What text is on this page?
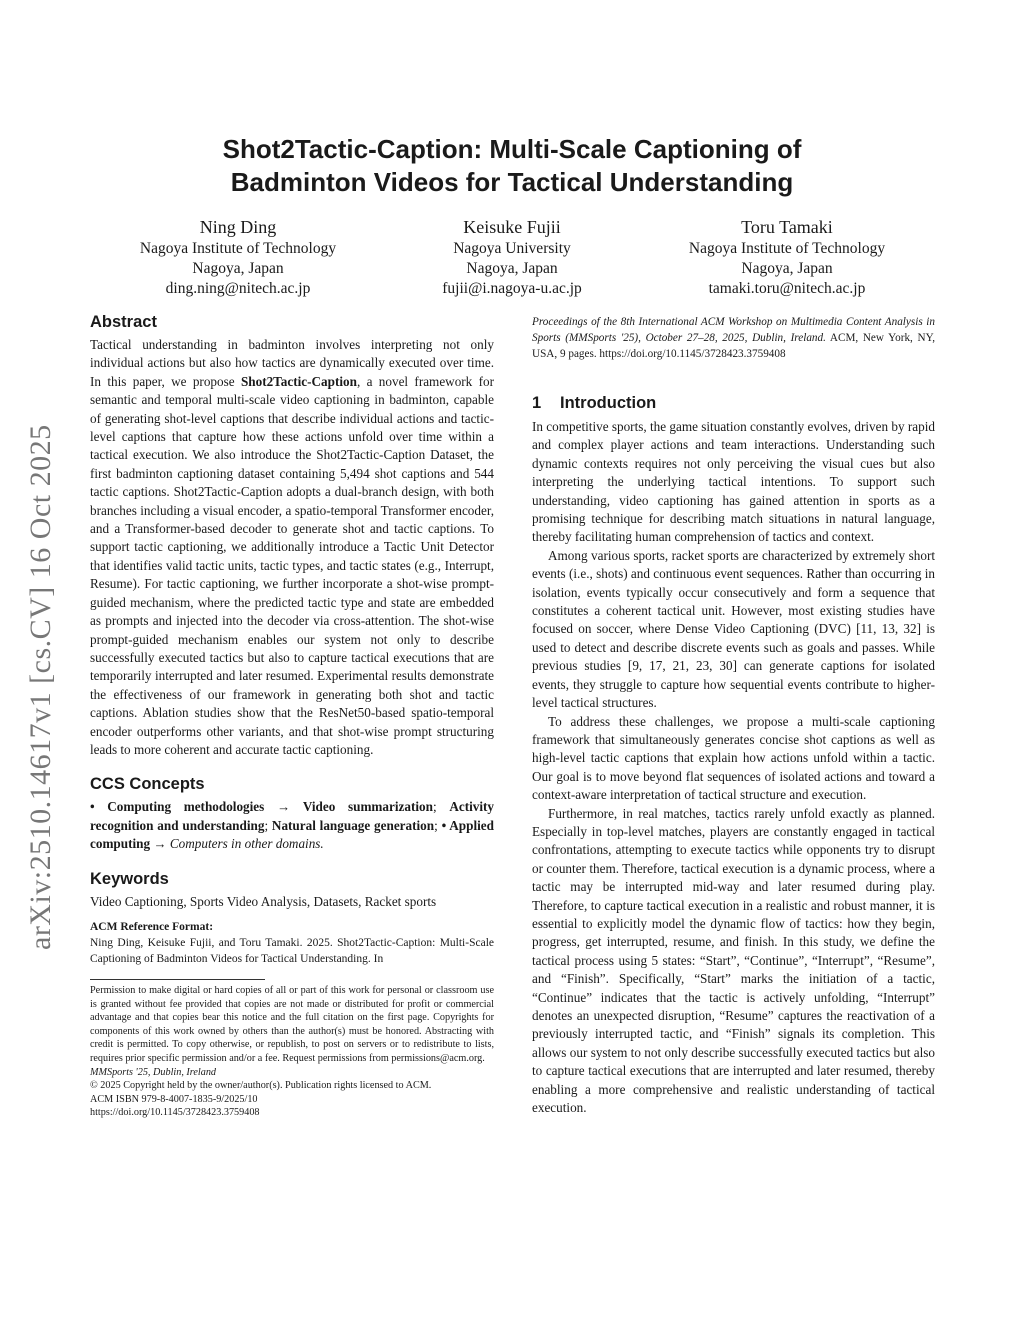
arXiv:2510.14617v1 [cs.CV] 16 Oct 2025
Shot2Tactic-Caption: Multi-Scale Captioning of
Badminton Videos for Tactical Understanding
Ning Ding
Nagoya Institute of Technology
Nagoya, Japan
ding.ning@nitech.ac.jp
Keisuke Fujii
Nagoya University
Nagoya, Japan
fujii@i.nagoya-u.ac.jp
Toru Tamaki
Nagoya Institute of Technology
Nagoya, Japan
tamaki.toru@nitech.ac.jp
Abstract

Tactical understanding in badminton involves interpreting not only individual actions but also how tactics are dynamically executed over time. In this paper, we propose Shot2Tactic-Caption, a novel framework for semantic and temporal multi-scale video captioning in badminton, capable of generating shot-level captions that describe individual actions and tactic-level captions that capture how these actions unfold over time within a tactical execution. We also introduce the Shot2Tactic-Caption Dataset, the first badminton captioning dataset containing 5,494 shot captions and 544 tactic captions. Shot2Tactic-Caption adopts a dual-branch design, with both branches including a visual encoder, a spatio-temporal Transformer encoder, and a Transformer-based decoder to generate shot and tactic captions. To support tactic captioning, we additionally introduce a Tactic Unit Detector that identifies valid tactic units, tactic types, and tactic states (e.g., Interrupt, Resume). For tactic captioning, we further incorporate a shot-wise prompt-guided mechanism, where the predicted tactic type and state are embedded as prompts and injected into the decoder via cross-attention. The shot-wise prompt-guided mechanism enables our system not only to describe successfully executed tactics but also to capture tactical executions that are temporarily interrupted and later resumed. Experimental results demonstrate the effectiveness of our framework in generating both shot and tactic captions. Ablation studies show that the ResNet50-based spatio-temporal encoder outperforms other variants, and that shot-wise prompt structuring leads to more coherent and accurate tactic captioning.

CCS Concepts

• Computing methodologies → Video summarization; Activity recognition and understanding; Natural language generation; • Applied computing → Computers in other domains.

Keywords

Video Captioning, Sports Video Analysis, Datasets, Racket sports

ACM Reference Format:

Ning Ding, Keisuke Fujii, and Toru Tamaki. 2025. Shot2Tactic-Caption: Multi-Scale Captioning of Badminton Videos for Tactical Understanding. In

Permission to make digital or hard copies of all or part of this work for personal or classroom use is granted without fee provided that copies are not made or distributed for profit or commercial advantage and that copies bear this notice and the full citation on the first page. Copyrights for components of this work owned by others than the author(s) must be honored. Abstracting with credit is permitted. To copy otherwise, or republish, to post on servers or to redistribute to lists, requires prior specific permission and/or a fee. Request permissions from permissions@acm.org.

MMSports '25, Dublin, Ireland

© 2025 Copyright held by the owner/author(s). Publication rights licensed to ACM.

ACM ISBN 979-8-4007-1835-9/2025/10

https://doi.org/10.1145/3728423.3759408

Proceedings of the 8th International ACM Workshop on Multimedia Content Analysis in Sports (MMSports '25), October 27–28, 2025, Dublin, Ireland. ACM, New York, NY, USA, 9 pages. https://doi.org/10.1145/3728423.3759408

1 Introduction

In competitive sports, the game situation constantly evolves, driven by rapid and complex player actions and team interactions. Understanding such dynamic contexts requires not only perceiving the visual cues but also interpreting the underlying tactical intentions. To support such understanding, video captioning has gained attention in sports as a promising technique for describing match situations in natural language, thereby facilitating human comprehension of tactics and context.

Among various sports, racket sports are characterized by extremely short events (i.e., shots) and continuous event sequences. Rather than occurring in isolation, events typically occur consecutively and form a sequence that constitutes a coherent tactical unit. However, most existing studies have focused on soccer, where Dense Video Captioning (DVC) [11, 13, 32] is used to detect and describe discrete events such as goals and passes. While previous studies [9, 17, 21, 23, 30] can generate captions for isolated events, they struggle to capture how sequential events contribute to higher-level tactical structures.

To address these challenges, we propose a multi-scale captioning framework that simultaneously generates concise shot captions as well as high-level tactic captions that explain how actions unfold within a tactic. Our goal is to move beyond flat sequences of isolated actions and toward a context-aware interpretation of tactical structure and execution.

Furthermore, in real matches, tactics rarely unfold exactly as planned. Especially in top-level matches, players are constantly engaged in tactical confrontations, attempting to execute tactics while opponents try to disrupt or counter them. Therefore, tactical execution is a dynamic process, where a tactic may be interrupted mid-way and later resumed during play. Therefore, to capture tactical execution in a realistic and robust manner, it is essential to explicitly model the dynamic flow of tactics: how they begin, progress, get interrupted, resume, and finish. In this study, we define the tactical process using 5 states: “Start”, “Continue”, “Interrupt”, “Resume”, and “Finish”. Specifically, “Start” marks the initiation of a tactic, “Continue” indicates that the tactic is actively unfolding, “Interrupt” denotes an unexpected disruption, “Resume” captures the reactivation of a previously interrupted tactic, and “Finish” signals its completion. This allows our system to not only describe successfully executed tactics but also to capture tactical executions that are interrupted and later resumed, thereby enabling a more comprehensive and realistic understanding of tactical execution.
